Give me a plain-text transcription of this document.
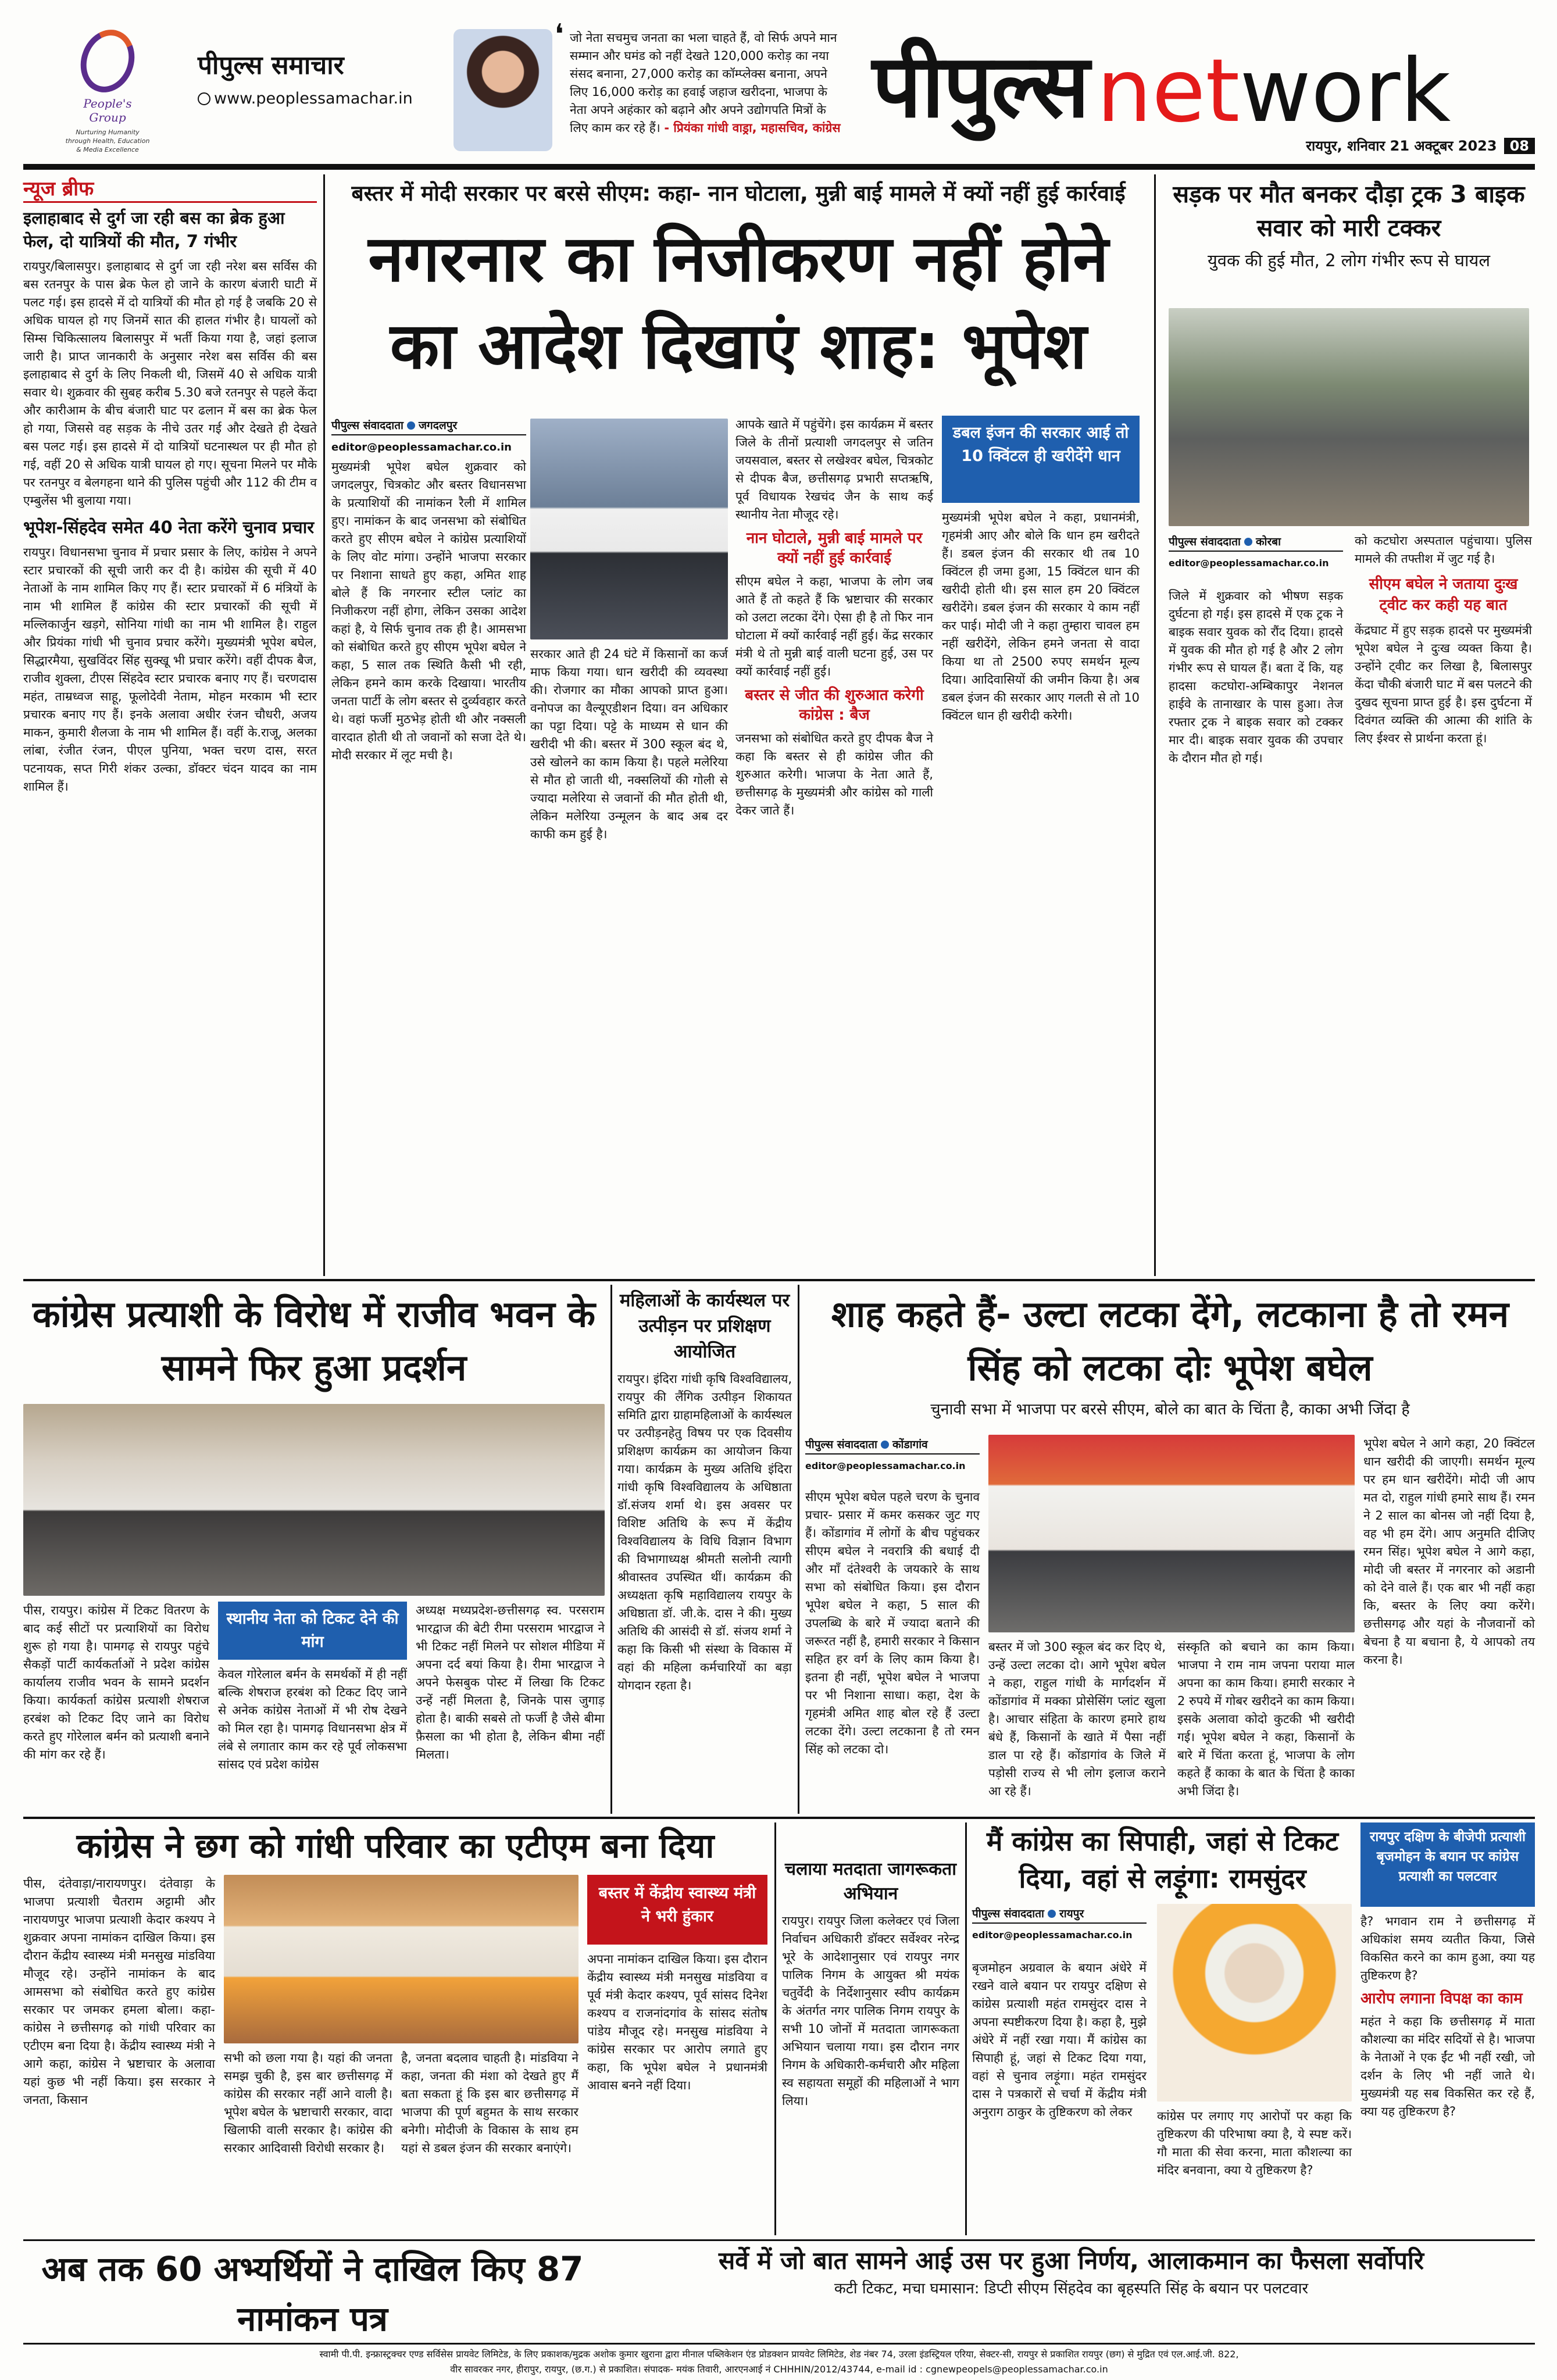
People's Group
Nurturing Humanity through Health, Education & Media Excellence
पीपुल्स समाचार
www.peoplessamachar.in
❛ जो नेता सचमुच जनता का भला चाहते हैं, वो सिर्फ अपने मान सम्मान और घमंड को नहीं देखते 120,000 करोड़ का नया संसद बनाना, 27,000 करोड़ का कॉम्प्लेक्स बनाना, अपने लिए 16,000 करोड़ का हवाई जहाज खरीदना, भाजपा के नेता अपने अहंकार को बढ़ाने और अपने उद्योगपति मित्रों के लिए काम कर रहे हैं। - प्रियंका गांधी वाड्रा, महासचिव, कांग्रेस पीपुल्सnetwork
रायपुर, शनिवार 21 अक्टूबर 2023 08
न्यूज ब्रीफ
इलाहाबाद से दुर्ग जा रही बस का ब्रेक हुआ फेल, दो यात्रियों की मौत, 7 गंभीर
रायपुर/बिलासपुर। इलाहाबाद से दुर्ग जा रही नरेश बस सर्विस की बस रतनपुर के पास ब्रेक फेल हो जाने के कारण बंजारी घाटी में पलट गई। इस हादसे में दो यात्रियों की मौत हो गई है जबकि 20 से अधिक घायल हो गए जिनमें सात की हालत गंभीर है। घायलों को सिम्स चिकित्सालय बिलासपुर में भर्ती किया गया है, जहां इलाज जारी है। प्राप्त जानकारी के अनुसार नरेश बस सर्विस की बस इलाहाबाद से दुर्ग के लिए निकली थी, जिसमें 40 से अधिक यात्री सवार थे। शुक्रवार की सुबह करीब 5.30 बजे रतनपुर से पहले केंदा और कारीआम के बीच बंजारी घाट पर ढलान में बस का ब्रेक फेल हो गया, जिससे वह सड़क के नीचे उतर गई और देखते ही देखते बस पलट गई। इस हादसे में दो यात्रियों घटनास्थल पर ही मौत हो गई, वहीं 20 से अधिक यात्री घायल हो गए। सूचना मिलने पर मौके पर रतनपुर व बेलगहना थाने की पुलिस पहुंची और 112 की टीम व एम्बुलेंस भी बुलाया गया।
भूपेश-सिंहदेव समेत 40 नेता करेंगे चुनाव प्रचार
रायपुर। विधानसभा चुनाव में प्रचार प्रसार के लिए, कांग्रेस ने अपने स्टार प्रचारकों की सूची जारी कर दी है। कांग्रेस की सूची में 40 नेताओं के नाम शामिल किए गए हैं। स्टार प्रचारकों में 6 मंत्रियों के नाम भी शामिल हैं कांग्रेस की स्टार प्रचारकों की सूची में मल्लिकार्जुन खड़गे, सोनिया गांधी का नाम भी शामिल है। राहुल और प्रियंका गांधी भी चुनाव प्रचार करेंगे। मुख्यमंत्री भूपेश बघेल, सिद्धारमैया, सुखविंदर सिंह सुक्खू भी प्रचार करेंगे। वहीं दीपक बैज, राजीव शुक्ला, टीएस सिंहदेव स्टार प्रचारक बनाए गए हैं। चरणदास महंत, ताम्रध्वज साहू, फूलोदेवी नेताम, मोहन मरकाम भी स्टार प्रचारक बनाए गए हैं। इनके अलावा अधीर रंजन चौधरी, अजय माकन, कुमारी शैलजा के नाम भी शामिल हैं। वहीं के.राजू, अलका लांबा, रंजीत रंजन, पीएल पुनिया, भक्त चरण दास, सरत पटनायक, सप्त गिरी शंकर उल्का, डॉक्टर चंदन यादव का नाम शामिल हैं।
बस्तर में मोदी सरकार पर बरसे सीएम: कहा- नान घोटाला, मुन्नी बाई मामले में क्यों नहीं हुई कार्रवाई
नगरनार का निजीकरण नहीं होने का आदेश दिखाएं शाह: भूपेश
पीपुल्स संवाददाता जगदलपुर
editor@peoplessamachar.co.in
मुख्यमंत्री भूपेश बघेल शुक्रवार को जगदलपुर, चित्रकोट और बस्तर विधानसभा के प्रत्याशियों की नामांकन रैली में शामिल हुए। नामांकन के बाद जनसभा को संबोधित करते हुए सीएम बघेल ने कांग्रेस प्रत्याशियों के लिए वोट मांगा। उन्होंने भाजपा सरकार पर निशाना साधते हुए कहा, अमित शाह बोले हैं कि नगरनार स्टील प्लांट का निजीकरण नहीं होगा, लेकिन उसका आदेश कहां है, ये सिर्फ चुनाव तक ही है। आमसभा को संबोधित करते हुए सीएम भूपेश बघेल ने कहा, 5 साल तक स्थिति कैसी भी रही, लेकिन हमने काम करके दिखाया। भारतीय जनता पार्टी के लोग बस्तर से दुर्व्यवहार करते थे। वहां फर्जी मुठभेड़ होती थी और नक्सली वारदात होती थी तो जवानों को सजा देते थे। मोदी सरकार में लूट मची है।
सरकार आते ही 24 घंटे में किसानों का कर्ज माफ किया गया। धान खरीदी की व्यवस्था की। रोजगार का मौका आपको प्राप्त हुआ। वनोपज का वैल्यूएडीशन दिया। वन अधिकार का पट्टा दिया। पट्टे के माध्यम से धान की खरीदी भी की। बस्तर में 300 स्कूल बंद थे, उसे खोलने का काम किया है। पहले मलेरिया से मौत हो जाती थी, नक्सलियों की गोली से ज्यादा मलेरिया से जवानों की मौत होती थी, लेकिन मलेरिया उन्मूलन के बाद अब दर काफी कम हुई है।
आपके खाते में पहुंचेंगे। इस कार्यक्रम में बस्तर जिले के तीनों प्रत्याशी जगदलपुर से जतिन जयसवाल, बस्तर से लखेश्वर बघेल, चित्रकोट से दीपक बैज, छत्तीसगढ़ प्रभारी सप्तऋषि, पूर्व विधायक रेखचंद जैन के साथ कई स्थानीय नेता मौजूद रहे।
नान घोटाले, मुन्नी बाई मामले पर क्यों नहीं हुई कार्रवाई
सीएम बघेल ने कहा, भाजपा के लोग जब आते हैं तो कहते हैं कि भ्रष्टाचार की सरकार को उलटा लटका देंगे। ऐसा ही है तो फिर नान घोटाला में क्यों कार्रवाई नहीं हुई। केंद्र सरकार मंत्री थे तो मुन्नी बाई वाली घटना हुई, उस पर क्यों कार्रवाई नहीं हुई।
बस्तर से जीत की शुरुआत करेगी कांग्रेस : बैज
जनसभा को संबोधित करते हुए दीपक बैज ने कहा कि बस्तर से ही कांग्रेस जीत की शुरुआत करेगी। भाजपा के नेता आते हैं, छत्तीसगढ़ के मुख्यमंत्री और कांग्रेस को गाली देकर जाते हैं।
डबल इंजन की सरकार आई तो 10 क्विंटल ही खरीदेंगे धान
मुख्यमंत्री भूपेश बघेल ने कहा, प्रधानमंत्री, गृहमंत्री आए और बोले कि धान हम खरीदते हैं। डबल इंजन की सरकार थी तब 10 क्विंटल ही जमा हुआ, 15 क्विंटल धान की खरीदी होती थी। इस साल हम 20 क्विंटल खरीदेंगे। डबल इंजन की सरकार ये काम नहीं कर पाई। मोदी जी ने कहा तुम्हारा चावल हम नहीं खरीदेंगे, लेकिन हमने जनता से वादा किया था तो 2500 रुपए समर्थन मूल्य दिया। आदिवासियों की जमीन किया है। अब डबल इंजन की सरकार आए गलती से तो 10 क्विंटल धान ही खरीदी करेगी।
सड़क पर मौत बनकर दौड़ा ट्रक 3 बाइक सवार को मारी टक्कर
युवक की हुई मौत, 2 लोग गंभीर रूप से घायल
पीपुल्स संवाददाता कोरबा
editor@peoplessamachar.co.in
जिले में शुक्रवार को भीषण सड़क दुर्घटना हो गई। इस हादसे में एक ट्रक ने बाइक सवार युवक को रौंद दिया। हादसे में युवक की मौत हो गई है और 2 लोग गंभीर रूप से घायल हैं। बता दें कि, यह हादसा कटघोरा-अम्बिकापुर नेशनल हाईवे के तानाखार के पास हुआ। तेज रफ्तार ट्रक ने बाइक सवार को टक्कर मार दी। बाइक सवार युवक की उपचार के दौरान मौत हो गई।
को कटघोरा अस्पताल पहुंचाया। पुलिस मामले की तफ्तीश में जुट गई है।
सीएम बघेल ने जताया दुःख ट्वीट कर कही यह बात
केंद्रघाट में हुए सड़क हादसे पर मुख्यमंत्री भूपेश बघेल ने दुःख व्यक्त किया है। उन्होंने ट्वीट कर लिखा है, बिलासपुर केंदा चौकी बंजारी घाट में बस पलटने की दुखद सूचना प्राप्त हुई है। इस दुर्घटना में दिवंगत व्यक्ति की आत्मा की शांति के लिए ईश्वर से प्रार्थना करता हूं।
कांग्रेस प्रत्याशी के विरोध में राजीव भवन के सामने फिर हुआ प्रदर्शन
पीस, रायपुर। कांग्रेस में टिकट वितरण के बाद कई सीटों पर प्रत्याशियों का विरोध शुरू हो गया है। पामगढ़ से रायपुर पहुंचे सैकड़ों पार्टी कार्यकर्ताओं ने प्रदेश कांग्रेस कार्यालय राजीव भवन के सामने प्रदर्शन किया। कार्यकर्ता कांग्रेस प्रत्याशी शेषराज हरबंश को टिकट दिए जाने का विरोध करते हुए गोरेलाल बर्मन को प्रत्याशी बनाने की मांग कर रहे हैं।
स्थानीय नेता को टिकट देने की मांग
केवल गोरेलाल बर्मन के समर्थकों में ही नहीं बल्कि शेषराज हरबंश को टिकट दिए जाने से अनेक कांग्रेस नेताओं में भी रोष देखने को मिल रहा है। पामगढ़ विधानसभा क्षेत्र में लंबे से लगातार काम कर रहे पूर्व लोकसभा सांसद एवं प्रदेश कांग्रेस
अध्यक्ष मध्यप्रदेश-छत्तीसगढ़ स्व. परसराम भारद्वाज की बेटी रीमा परसराम भारद्वाज ने भी टिकट नहीं मिलने पर सोशल मीडिया में अपना दर्द बयां किया है। रीमा भारद्वाज ने अपने फेसबुक पोस्ट में लिखा कि टिकट उन्हें नहीं मिलता है, जिनके पास जुगाड़ होता है। बाकी सबसे तो फर्जी है जैसे बीमा फ़ैसला का भी होता है, लेकिन बीमा नहीं मिलता।
महिलाओं के कार्यस्थल पर उत्पीड़न पर प्रशिक्षण आयोजित
रायपुर। इंदिरा गांधी कृषि विश्वविद्यालय, रायपुर की लैंगिक उत्पीड़न शिकायत समिति द्वारा ग्राहामहिलाओं के कार्यस्थल पर उत्पीड़नहेतु विषय पर एक दिवसीय प्रशिक्षण कार्यक्रम का आयोजन किया गया। कार्यक्रम के मुख्य अतिथि इंदिरा गांधी कृषि विश्वविद्यालय के अधिष्ठाता डॉ.संजय शर्मा थे। इस अवसर पर विशिष्ट अतिथि के रूप में केंद्रीय विश्वविद्यालय के विधि विज्ञान विभाग की विभागाध्यक्ष श्रीमती सलोनी त्यागी श्रीवास्तव उपस्थित थीं। कार्यक्रम की अध्यक्षता कृषि महाविद्यालय रायपुर के अधिष्ठाता डॉ. जी.के. दास ने की। मुख्य अतिथि की आसंदी से डॉ. संजय शर्मा ने कहा कि किसी भी संस्था के विकास में वहां की महिला कर्मचारियों का बड़ा योगदान रहता है।
शाह कहते हैं- उल्टा लटका देंगे, लटकाना है तो रमन सिंह को लटका दोः भूपेश बघेल
चुनावी सभा में भाजपा पर बरसे सीएम, बोले का बात के चिंता है, काका अभी जिंदा है
पीपुल्स संवाददाता कोंडागांव
editor@peoplessamachar.co.in
सीएम भूपेश बघेल पहले चरण के चुनाव प्रचार- प्रसार में कमर कसकर जुट गए हैं। कोंडागांव में लोगों के बीच पहुंचकर सीएम बघेल ने नवरात्रि की बधाई दी और माँ दंतेश्वरी के जयकारे के साथ सभा को संबोधित किया। इस दौरान भूपेश बघेल ने कहा, 5 साल की उपलब्धि के बारे में ज्यादा बताने की जरूरत नहीं है, हमारी सरकार ने किसान सहित हर वर्ग के लिए काम किया है। इतना ही नहीं, भूपेश बघेल ने भाजपा पर भी निशाना साधा। कहा, देश के गृहमंत्री अमित शाह बोल रहे हैं उल्टा लटका देंगे। उल्टा लटकाना है तो रमन सिंह को लटका दो।
बस्तर में जो 300 स्कूल बंद कर दिए थे, उन्हें उल्टा लटका दो। आगे भूपेश बघेल ने कहा, राहुल गांधी के मार्गदर्शन में कोंडागांव में मक्का प्रोसेसिंग प्लांट खुला है। आचार संहिता के कारण हमारे हाथ बंधे हैं, किसानों के खाते में पैसा नहीं डाल पा रहे हैं। कोंडागांव के जिले में पड़ोसी राज्य से भी लोग इलाज कराने आ रहे हैं।
संस्कृति को बचाने का काम किया। भाजपा ने राम नाम जपना पराया माल अपना का काम किया। हमारी सरकार ने 2 रुपये में गोबर खरीदने का काम किया। इसके अलावा कोदो कुटकी भी खरीदी गई। भूपेश बघेल ने कहा, किसानों के बारे में चिंता करता हूं, भाजपा के लोग कहते हैं काका के बात के चिंता है काका अभी जिंदा है।
भूपेश बघेल ने आगे कहा, 20 क्विंटल धान खरीदी की जाएगी। समर्थन मूल्य पर हम धान खरीदेंगे। मोदी जी आप मत दो, राहुल गांधी हमारे साथ हैं। रमन ने 2 साल का बोनस जो नहीं दिया है, वह भी हम देंगे। आप अनुमति दीजिए रमन सिंह। भूपेश बघेल ने आगे कहा, मोदी जी बस्तर में नगरनार को अडानी को देने वाले हैं। एक बार भी नहीं कहा कि, बस्तर के लिए क्या करेंगे। छत्तीसगढ़ और यहां के नौजवानों को बेचना है या बचाना है, ये आपको तय करना है।
कांग्रेस ने छग को गांधी परिवार का एटीएम बना दिया
पीस, दंतेवाड़ा/नारायणपुर। दंतेवाड़ा के भाजपा प्रत्याशी चैतराम अट्टामी और नारायणपुर भाजपा प्रत्याशी केदार कश्यप ने शुक्रवार अपना नामांकन दाखिल किया। इस दौरान केंद्रीय स्वास्थ्य मंत्री मनसुख मांडविया मौजूद रहे। उन्होंने नामांकन के बाद आमसभा को संबोधित करते हुए कांग्रेस सरकार पर जमकर हमला बोला। कहा- कांग्रेस ने छत्तीसगढ़ को गांधी परिवार का एटीएम बना दिया है। केंद्रीय स्वास्थ्य मंत्री ने आगे कहा, कांग्रेस ने भ्रष्टाचार के अलावा यहां कुछ भी नहीं किया। इस सरकार ने जनता, किसान
सभी को छला गया है। यहां की जनता समझ चुकी है, इस बार छत्तीसगढ़ में कांग्रेस की सरकार नहीं आने वाली है। भूपेश बघेल के भ्रष्टाचारी सरकार, वादा खिलाफी वाली सरकार है। कांग्रेस की सरकार आदिवासी विरोधी सरकार है।
है, जनता बदलाव चाहती है। मांडविया ने कहा, जनता की मंशा को देखते हुए मैं बता सकता हूं कि इस बार छत्तीसगढ़ में भाजपा की पूर्ण बहुमत के साथ सरकार बनेगी। मोदीजी के विकास के साथ हम यहां से डबल इंजन की सरकार बनाएंगे।
बस्तर में केंद्रीय स्वास्थ्य मंत्री ने भरी हुंकार
अपना नामांकन दाखिल किया। इस दौरान केंद्रीय स्वास्थ्य मंत्री मनसुख मांडविया व पूर्व मंत्री केदार कश्यप, पूर्व सांसद दिनेश कश्यप व राजनांदगांव के सांसद संतोष पांडेय मौजूद रहे। मनसुख मांडविया ने कांग्रेस सरकार पर आरोप लगाते हुए कहा, कि भूपेश बघेल ने प्रधानमंत्री आवास बनने नहीं दिया।
चलाया मतदाता जागरूकता अभियान
रायपुर। रायपुर जिला कलेक्टर एवं जिला निर्वाचन अधिकारी डॉक्टर सर्वेश्वर नरेन्द्र भूरे के आदेशानुसार एवं रायपुर नगर पालिक निगम के आयुक्त श्री मयंक चतुर्वेदी के निर्देशानुसार स्वीप कार्यक्रम के अंतर्गत नगर पालिक निगम रायपुर के सभी 10 जोनों में मतदाता जागरूकता अभियान चलाया गया। इस दौरान नगर निगम के अधिकारी-कर्मचारी और महिला स्व सहायता समूहों की महिलाओं ने भाग लिया।
मैं कांग्रेस का सिपाही, जहां से टिकट दिया, वहां से लड़ूंगा: रामसुंदर
पीपुल्स संवाददाता रायपुर
editor@peoplessamachar.co.in
बृजमोहन अग्रवाल के बयान अंधेरे में रखने वाले बयान पर रायपुर दक्षिण से कांग्रेस प्रत्याशी महंत रामसुंदर दास ने अपना स्पष्टीकरण दिया है। कहा है, मुझे अंधेरे में नहीं रखा गया। मैं कांग्रेस का सिपाही हूं, जहां से टिकट दिया गया, वहां से चुनाव लड़ूंगा। महंत रामसुंदर दास ने पत्रकारों से चर्चा में केंद्रीय मंत्री अनुराग ठाकुर के तुष्टिकरण को लेकर	कांग्रेस पर लगाए गए आरोपों पर कहा कि तुष्टिकरण की परिभाषा क्या है, ये स्पष्ट करें। गौ माता की सेवा करना, माता कौशल्या का मंदिर बनवाना, क्या ये तुष्टिकरण है?
रायपुर दक्षिण के बीजेपी प्रत्याशी बृजमोहन के बयान पर कांग्रेस प्रत्याशी का पलटवार
है? भगवान राम ने छत्तीसगढ़ में अधिकांश समय व्यतीत किया, जिसे विकसित करने का काम हुआ, क्या यह तुष्टिकरण है?
आरोप लगाना विपक्ष का काम
महंत ने कहा कि छत्तीसगढ़ में माता कौशल्या का मंदिर सदियों से है। भाजपा के नेताओं ने एक ईंट भी नहीं रखी, जो दर्शन के लिए भी नहीं जाते थे। मुख्यमंत्री यह सब विकसित कर रहे हैं, क्या यह तुष्टिकरण है?
अब तक 60 अभ्यर्थियों ने दाखिल किए 87 नामांकन पत्र
सर्वे में जो बात सामने आई उस पर हुआ निर्णय, आलाकमान का फैसला सर्वोपरि
कटी टिकट, मचा घमासान: डिप्टी सीएम सिंहदेव का बृहस्पति सिंह के बयान पर पलटवार
स्वामी पी.पी. इन्फ्रास्ट्रक्चर एण्ड सर्विसेस प्रायवेट लिमिटेड, के लिए प्रकाशक/मुद्रक अशोक कुमार खुराना द्वारा मीनाल पब्लिकेशन एंड प्रोडक्शन प्रायवेट लिमिटेड, शेड नंबर 74, उरला इंडस्ट्रियल एरिया, सेक्टर-सी, रायपुर से प्रकाशित रायपुर (छग) से मुद्रित एवं एल.आई.जी. 822,
वीर सावरकर नगर, हीरापुर, रायपुर, (छ.ग.) से प्रकाशित। संपादक- मयंक तिवारी, आरएनआई नं CHHHIN/2012/43744, e-mail id : cgnewpeopels@peoplessamachar.co.in
